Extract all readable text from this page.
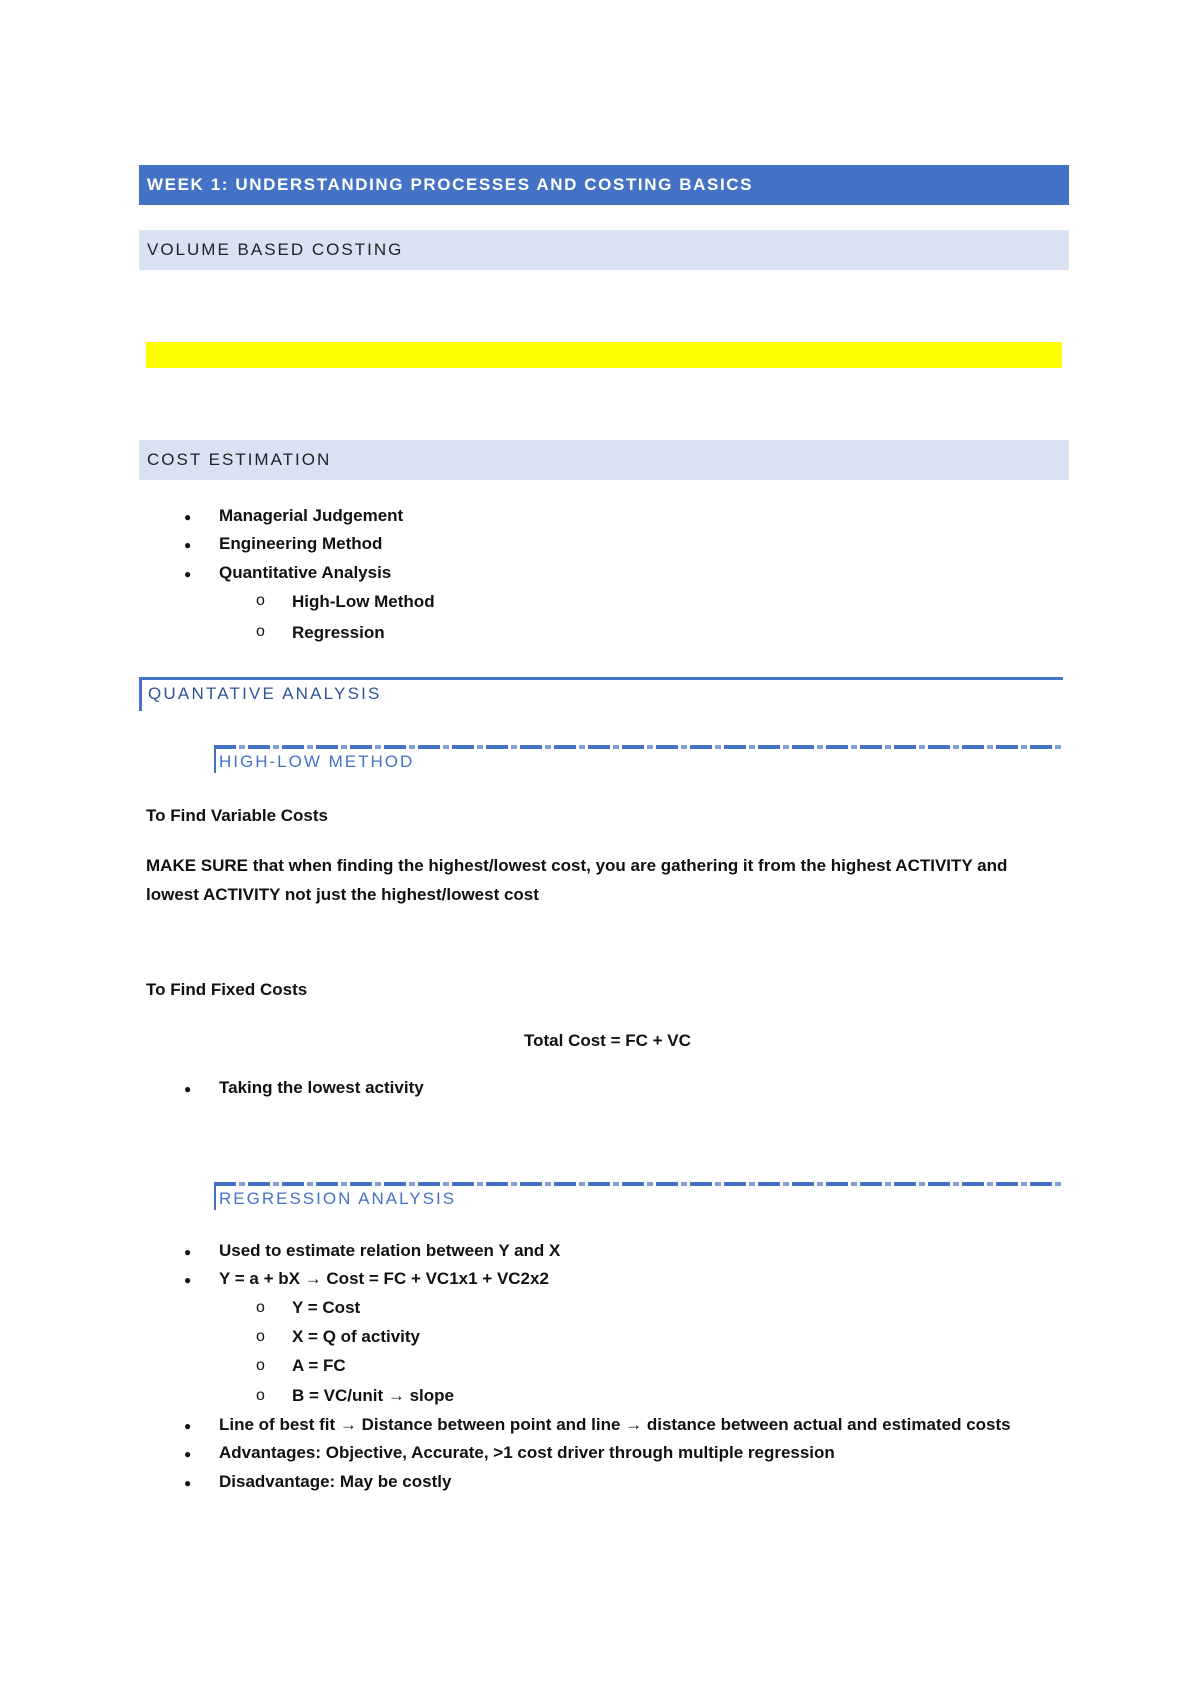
WEEK 1: UNDERSTANDING PROCESSES AND COSTING BASICS
VOLUME BASED COSTING
COST ESTIMATION
● Managerial Judgement
● Engineering Method
● Quantitative Analysis
o High-Low Method
o Regression
QUANTATIVE ANALYSIS
HIGH-LOW METHOD
To Find Variable Costs
MAKE SURE that when finding the highest/lowest cost, you are gathering it from the highest ACTIVITY and
lowest ACTIVITY not just the highest/lowest cost
To Find Fixed Costs
Total Cost = FC + VC
● Taking the lowest activity
REGRESSION ANALYSIS
● Used to estimate relation between Y and X
● Y = a + bX → Cost = FC + VC1x1 + VC2x2
o Y = Cost
o X = Q of activity
o A = FC
o B = VC/unit → slope
● Line of best fit → Distance between point and line → distance between actual and estimated costs
● Advantages: Objective, Accurate, >1 cost driver through multiple regression
● Disadvantage: May be costly
